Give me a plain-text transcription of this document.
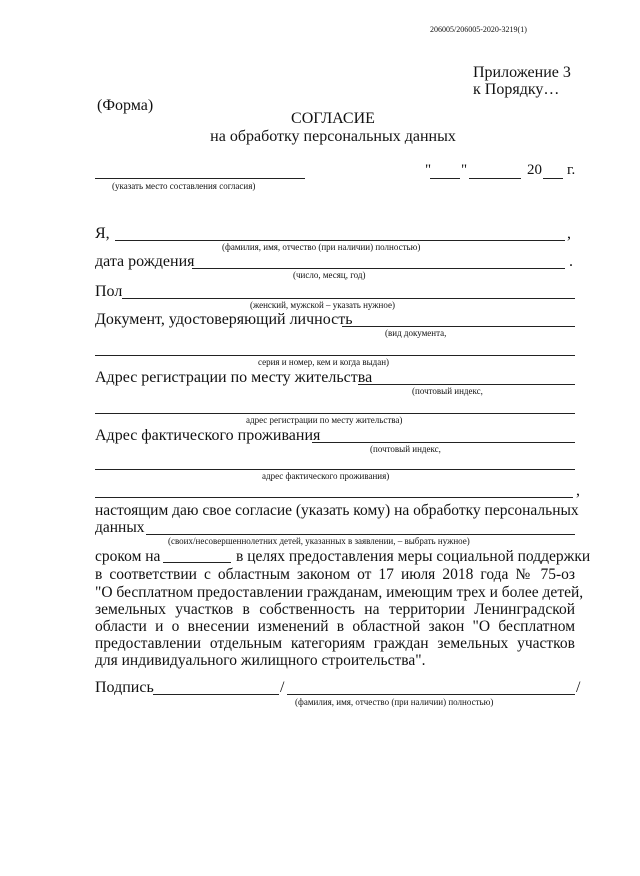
206005/206005-2020-3219(1)
Приложение 3
к Порядку…
(Форма)
СОГЛАСИЕ
на обработку персональных данных
(указать место составления согласия)
" "	20 г.
Я,	,
(фамилия, имя, отчество (при наличии) полностью)
дата рождения	.
(число, месяц, год)
Пол
(женский, мужской – указать нужное)
Документ, удостоверяющий личность
(вид документа,
серия и номер, кем и когда выдан)
Адрес регистрации по месту жительства
(почтовый индекс,
адрес регистрации по месту жительства)
Адрес фактического проживания
(почтовый индекс,
адрес фактического проживания)
,
настоящим даю свое согласие (указать кому) на обработку персональных
данных
(своих/несовершеннолетних детей, указанных в заявлении, – выбрать нужное)
сроком на	в целях предоставления меры социальной поддержки
в соответствии с областным законом от 17 июля 2018 года № 75-оз
"О бесплатном предоставлении гражданам, имеющим трех и более детей,
земельных участков в собственность на территории Ленинградской
области и о внесении изменений в областной закон "О бесплатном
предоставлении отдельным категориям граждан земельных участков
для индивидуального жилищного строительства".
Подпись	/	/
(фамилия, имя, отчество (при наличии) полностью)
